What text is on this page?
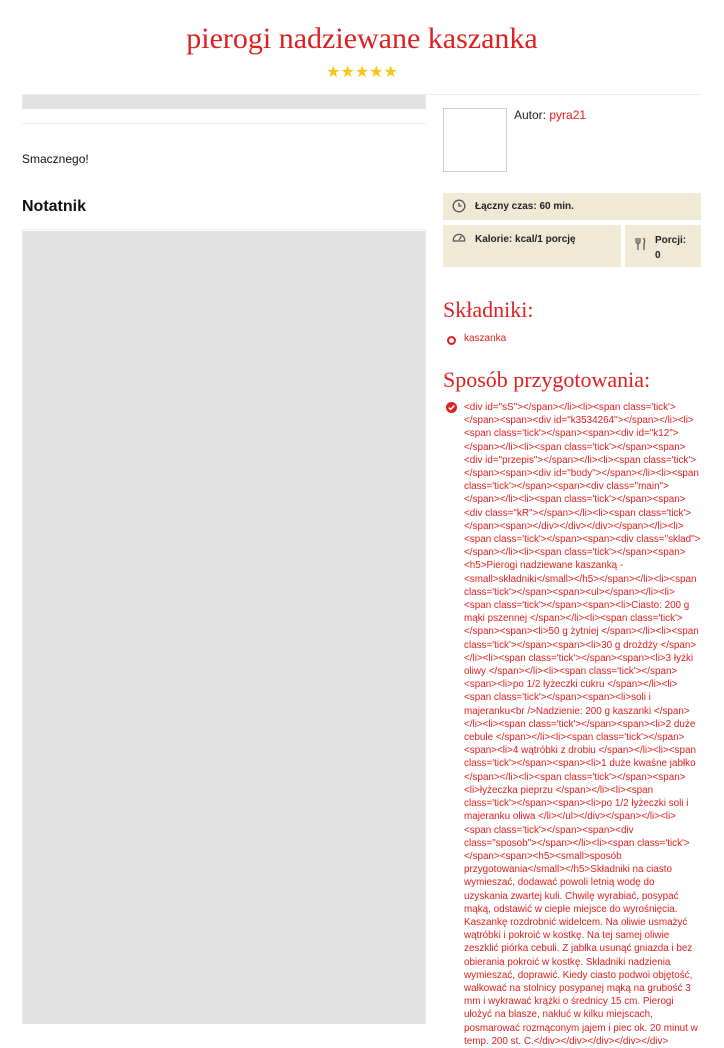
pierogi nadziewane kaszanka
★★★★★
Smacznego!
Notatnik
Autor: pyra21
Łączny czas: 60 min.
Kalorie: kcal/1 porcję	Porcji:
0
Składniki:
kaszanka
Sposób przygotowania:
<div id="sS"></span></li><li><span class='tick'></span><span><div id="k3534264"></span></li><li><span class='tick'></span><span><div id="k12"></span></li><li><span class='tick'></span><span><div id="przepis"></span></li><li><span class='tick'></span><span><div id="body"></span></li><li><span class='tick'></span><span><div class="main"></span></li><li><span class='tick'></span><span><div class="kR"></span></li><li><span class='tick'></span><span></div></div></div></span></li><li><span class='tick'></span><span><div class="sklad"></span></li><li><span class='tick'></span><span><h5>Pierogi nadziewane kaszanką - <small>składniki</small></h5></span></li><li><span class='tick'></span><span><ul></span></li><li><span class='tick'></span><span><li>Ciasto: 200 g mąki pszennej </span></li><li><span class='tick'></span><span><li>50 g żytniej </span></li><li><span class='tick'></span><span><li>30 g drożdży </span></li><li><span class='tick'></span><span><li>3 łyżki oliwy </span></li><li><span class='tick'></span><span><li>po 1/2 łyżeczki cukru </span></li><li><span class='tick'></span><span><li>soli i majeranku<br />Nadzienie: 200 g kaszanki </span></li><li><span class='tick'></span><span><li>2 duże cebule </span></li><li><span class='tick'></span><span><li>4 wątróbki z drobiu </span></li><li><span class='tick'></span><span><li>1 duże kwaśne jabłko </span></li><li><span class='tick'></span><span><li>łyżeczka pieprzu </span></li><li><span class='tick'></span><span><li>po 1/2 łyżeczki soli i majeranku oliwa </li></ul></div></span></li><li><span class='tick'></span><span><div class="sposob"></span></li><li><span class='tick'></span><span><h5><small>sposób przygotowania</small></h5>Składniki na ciasto wymieszać, dodawać powoli letnią wodę do uzyskania zwartej kuli. Chwilę wyrabiać, posypać mąką, odstawić w ciepłe miejsce do wyrośnięcia. Kaszankę rozdrobnić widelcem. Na oliwie usmażyć wątróbki i pokroić w kostkę. Na tej samej oliwie zeszklić piórka cebuli. Z jabłka usunąć gniazda i bez obierania pokroić w kostkę. Składniki nadzienia wymieszać, doprawić. Kiedy ciasto podwoi objętość, wałkować na stolnicy posypanej mąką na grubość 3 mm i wykrawać krążki o średnicy 15 cm. Pierogi ułożyć na blasze, nakłuć w kilku miejscach, posmarować rozmąconym jajem i piec ok. 20 minut w temp. 200 st. C.</div></div></div></div></div>
